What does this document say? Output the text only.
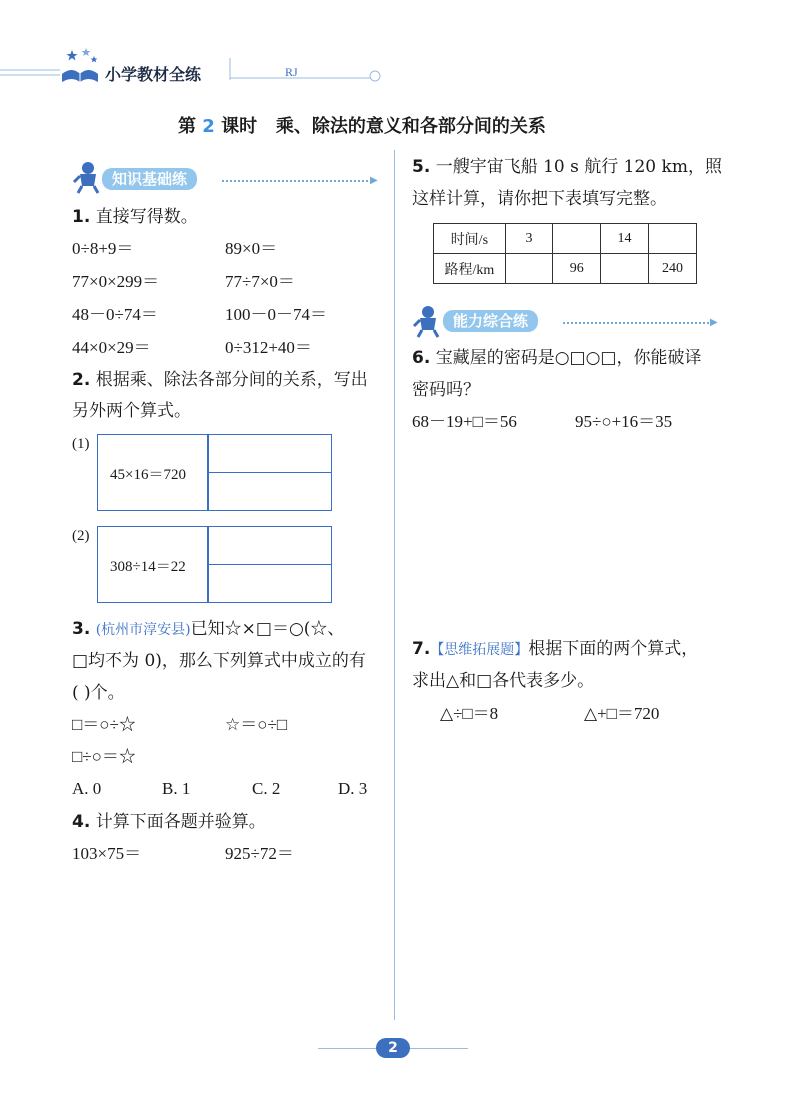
小学教材全练	RJ
第 2 课时 乘、除法的意义和各部分间的关系
知识基础练	▶
1. 直接写得数。
0÷8+9＝	89×0＝
77×0×299＝	77÷7×0＝
48－0÷74＝	100－0－74＝
44×0×29＝	0÷312+40＝
2. 根据乘、除法各部分间的关系，写出
另外两个算式。
(1)
45×16＝720
(2)
308÷14＝22
3. (杭州市淳安县)已知☆×□＝○(☆、
□均不为 0)，那么下列算式中成立的有
( )个。
□＝○÷☆	☆＝○÷□
□÷○＝☆
A. 0	B. 1	C. 2	D. 3
4. 计算下面各题并验算。
103×75＝	925÷72＝
5. 一艘宇宙飞船 10 s 航行 120 km，照
这样计算，请你把下表填写完整。
时间/s	3		14	
路程/km		96		240
能力综合练	▶
6. 宝藏屋的密码是○□○□，你能破译
密码吗？
68－19+□＝56	95÷○+16＝35
7.【思维拓展题】根据下面的两个算式，
求出△和□各代表多少。
△÷□＝8	△+□＝720
2
